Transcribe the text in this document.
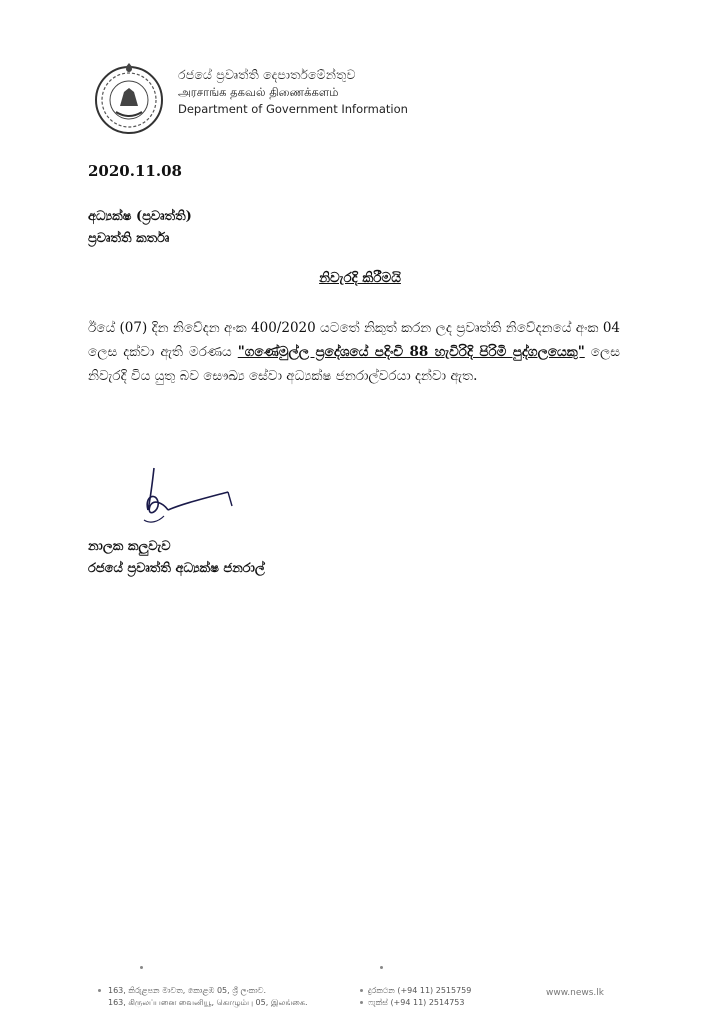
රජයේ ප්‍රවෘත්ති දෙපාර්තමේන්තුව
அரசாங்க தகவல் திணைக்களம்
Department of Government Information
2020.11.08
අධ්‍යක්ෂ (ප්‍රවෘත්ති)
ප්‍රවෘත්ති කර්තෘ
නිවැරදි කිරීමයි
ඊයේ (07) දින නිවේදන අංක 400/2020 යටතේ නිකුත් කරන ලද ප්‍රවෘත්ති නිවේදනයේ අංක 04 ලෙස දක්වා ඇති මරණය "ගණේමුල්ල ප්‍රදේශයේ පදිංචි 88 හැවිරිදි පිරිමි පුද්ගලයෙකු" ලෙස නිවැරදි විය යුතු බව සෞඛ්‍ය සේවා අධ්‍යක්ෂ ජනරාල්වරයා දන්වා ඇත.
නාලක කලුවැව
රජයේ ප්‍රවෘත්ති අධ්‍යක්ෂ ජනරාල්
163, කිරුළපන මාවත, කොළඹ 05, ශ්‍රී ලංකාව.
163, கிருலப்பனை வைனியூ, கொழும்பு 05, இலங்கை.
දුරකථන (+94 11) 2515759
ෆැක්ස් (+94 11) 2514753
www.news.lk
